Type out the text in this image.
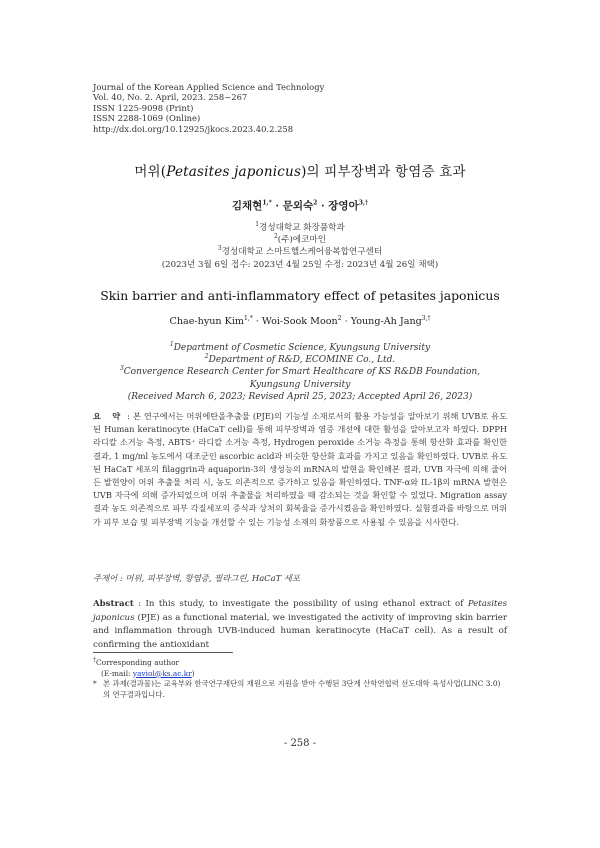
Journal of the Korean Applied Science and Technology
Vol. 40, No. 2. April, 2023. 258~267
ISSN 1225-9098 (Print)
ISSN 2288-1069 (Online)
http://dx.doi.org/10.12925/jkocs.2023.40.2.258
머위(Petasites japonicus)의 피부장벽과 항염증 효과
김채현$^{1,*}$ · 문외숙$^2$ · 장영아$^{3,\dagger}$
$^1$경성대학교 화장품학과
$^2$(주)에코마인
$^3$경성대학교 스마트헬스케어융복합연구센터
(2023년 3월 6일 접수: 2023년 4월 25일 수정: 2023년 4월 26일 채택)
Skin barrier and anti-inflammatory effect of petasites japonicus
Chae-hyun Kim$^{1,*}$ · Woi-Sook Moon$^2$ · Young-Ah Jang$^{3,\dagger}$
$^1$Department of Cosmetic Science, Kyungsung University
$^2$Department of R&D, ECOMINE Co., Ltd.
$^3$Convergence Research Center for Smart Healthcare of KS R&DB Foundation,
Kyungsung University
(Received March 6, 2023; Revised April 25, 2023; Accepted April 26, 2023)
요 약 : 본 연구에서는 머위에탄올추출물 (PJE)의 기능성 소재로서의 활용 가능성을 알아보기 위해 UVB로 유도된 Human keratinocyte (HaCaT cell)를 통해 피부장벽과 염증 개선에 대한 활성을 알아보고자 하였다. DPPH 라디칼 소거능 측정, ABTS⁺ 라디칼 소거능 측정, Hydrogen peroxide 소거능 측정을 통해 항산화 효과를 확인한 결과, 1 mg/ml 농도에서 대조군인 ascorbic acid과 비슷한 항산화 효과를 가지고 있음을 확인하였다. UVB로 유도된 HaCaT 세포의 filaggrin과 aquaporin-3의 생성능의 mRNA의 발현을 확인해본 결과, UVB 자극에 의해 줄어든 발현양이 머위 추출물 처리 시, 농도 의존적으로 증가하고 있음을 확인하였다. TNF-α와 IL-1β의 mRNA 발현은 UVB 자극에 의해 증가되었으며 머위 추출물을 처리하였을 때 감소되는 것을 확인할 수 있었다. Migration assay 결과 농도 의존적으로 피부 각질세포의 증식과 상처의 회복율을 증가시켰음을 확인하였다. 실험결과를 바탕으로 머위가 피부 보습 및 피부장벽 기능을 개선할 수 있는 기능성 소재의 화장품으로 사용될 수 있음을 시사한다.
주제어 : 머위, 피부장벽, 항염증, 필라그린, HaCaT 세포
Abstract : In this study, to investigate the possibility of using ethanol extract of Petasites japonicus (PJE) as a functional material, we investigated the activity of improving skin barrier and inflammation through UVB-induced human keratinocyte (HaCaT cell). As a result of confirming the antioxidant
†Corresponding author
(E-mail: yaviol@ks.ac.kr)
* 본 과제(결과물)는 교육부와 한국연구재단의 재원으로 지원을 받아 수행된 3단계 산학연협력 선도대학 육성사업(LINC 3.0)의 연구결과입니다.
- 258 -
